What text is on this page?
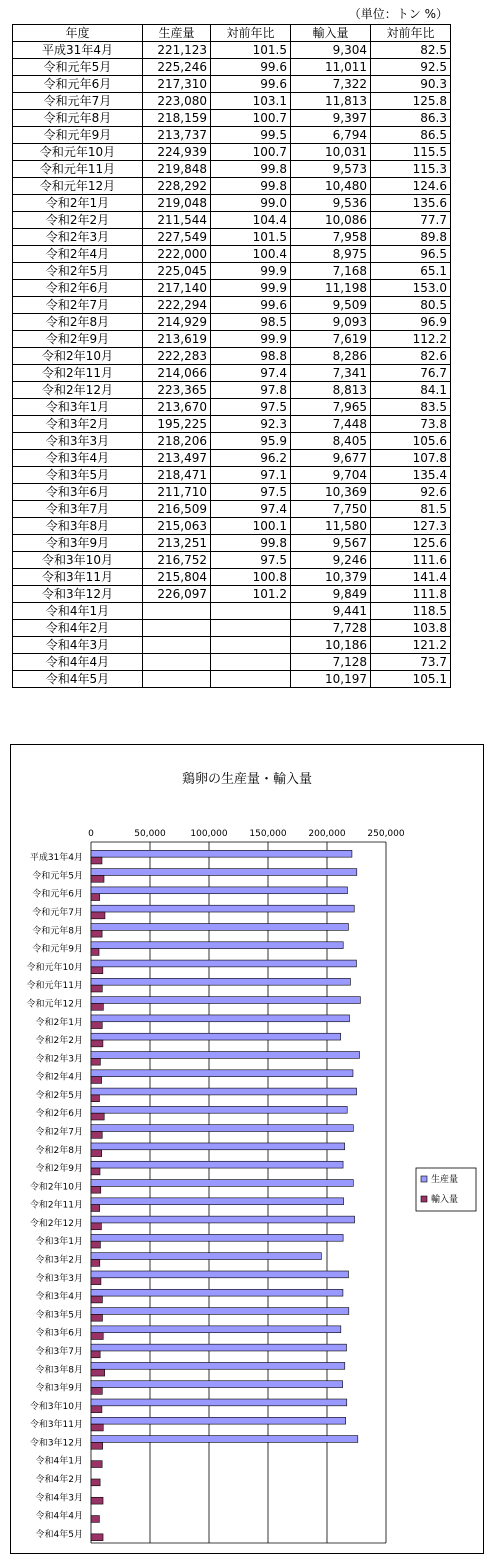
（単位：トン %）
年度	生産量	対前年比	輸入量	対前年比
平成31年4月	221,123	101.5	9,304	82.5
令和元年5月	225,246	99.6	11,011	92.5
令和元年6月	217,310	99.6	7,322	90.3
令和元年7月	223,080	103.1	11,813	125.8
令和元年8月	218,159	100.7	9,397	86.3
令和元年9月	213,737	99.5	6,794	86.5
令和元年10月	224,939	100.7	10,031	115.5
令和元年11月	219,848	99.8	9,573	115.3
令和元年12月	228,292	99.8	10,480	124.6
令和2年1月	219,048	99.0	9,536	135.6
令和2年2月	211,544	104.4	10,086	77.7
令和2年3月	227,549	101.5	7,958	89.8
令和2年4月	222,000	100.4	8,975	96.5
令和2年5月	225,045	99.9	7,168	65.1
令和2年6月	217,140	99.9	11,198	153.0
令和2年7月	222,294	99.6	9,509	80.5
令和2年8月	214,929	98.5	9,093	96.9
令和2年9月	213,619	99.9	7,619	112.2
令和2年10月	222,283	98.8	8,286	82.6
令和2年11月	214,066	97.4	7,341	76.7
令和2年12月	223,365	97.8	8,813	84.1
令和3年1月	213,670	97.5	7,965	83.5
令和3年2月	195,225	92.3	7,448	73.8
令和3年3月	218,206	95.9	8,405	105.6
令和3年4月	213,497	96.2	9,677	107.8
令和3年5月	218,471	97.1	9,704	135.4
令和3年6月	211,710	97.5	10,369	92.6
令和3年7月	216,509	97.4	7,750	81.5
令和3年8月	215,063	100.1	11,580	127.3
令和3年9月	213,251	99.8	9,567	125.6
令和3年10月	216,752	97.5	9,246	111.6
令和3年11月	215,804	100.8	10,379	141.4
令和3年12月	226,097	101.2	9,849	111.8
令和4年1月			9,441	118.5
令和4年2月			7,728	103.8
令和4年3月			10,186	121.2
令和4年4月			7,128	73.7
令和4年5月			10,197	105.1
鶏卵の生産量・輸入量
0	50,000	100,000 150,000 200,000 250,000
平成31年4月
令和元年5月
令和元年6月
令和元年7月
令和元年8月
令和元年9月
令和元年10月
令和元年11月
令和元年12月
令和2年1月
令和2年2月
令和2年3月
令和2年4月
令和2年5月
令和2年6月
令和2年7月
令和2年8月
令和2年9月
令和2年10月
令和2年11月
令和2年12月
令和3年1月
令和3年2月
令和3年3月
令和3年4月
令和3年5月
令和3年6月
令和3年7月
令和3年8月
令和3年9月
令和3年10月
令和3年11月
令和3年12月
令和4年1月
令和4年2月
令和4年3月
令和4年4月
令和4年5月
生産量
輸入量
